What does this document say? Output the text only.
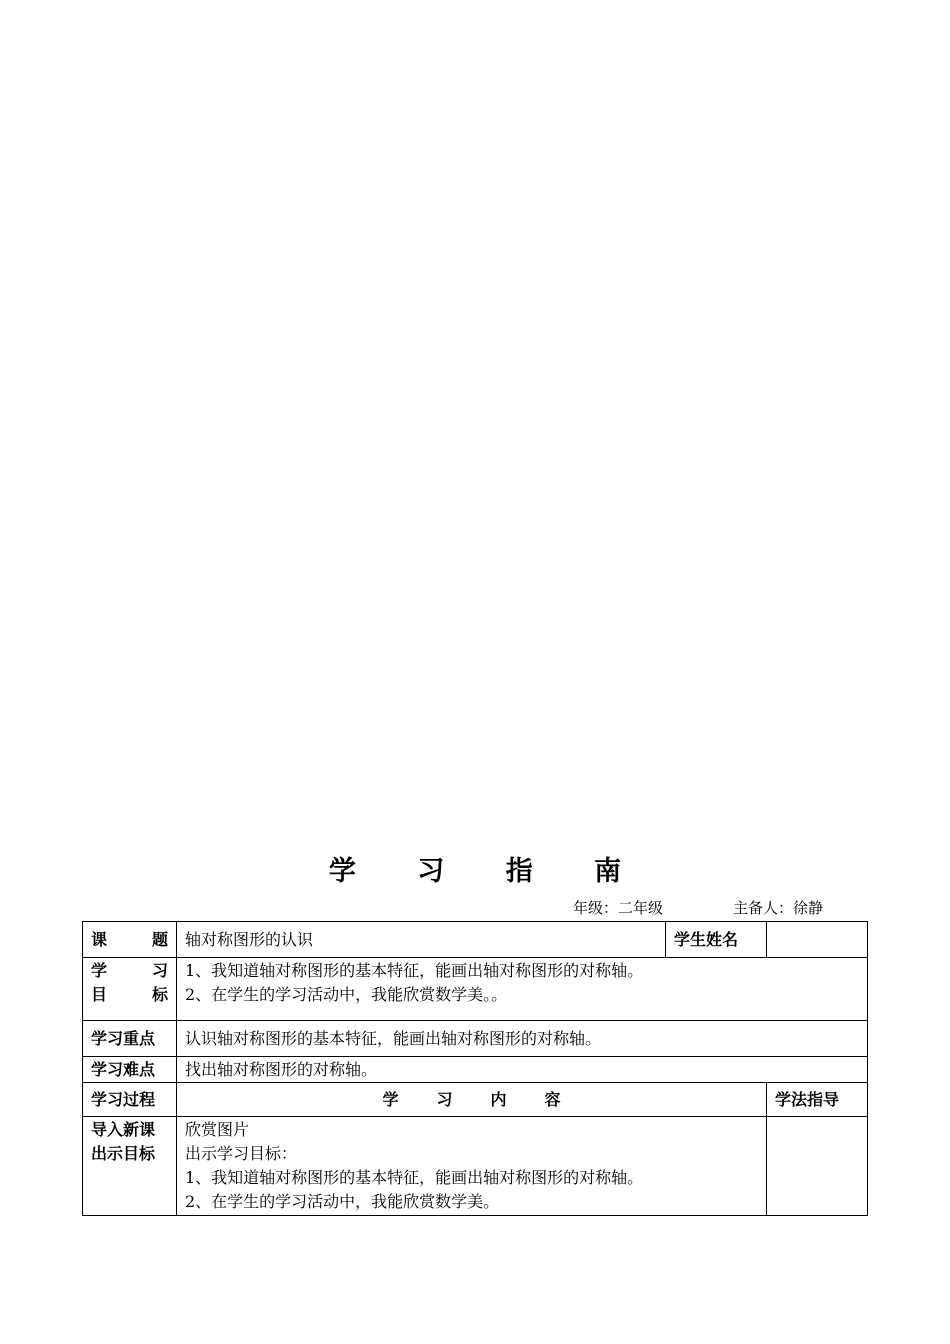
学 习 指 南
年级：二年级	主备人：徐静
课 题	轴对称图形的认识	学生姓名	

学 习
目 标	1、我知道轴对称图形的基本特征，能画出轴对称图形的对称轴。
2、在学生的学习活动中，我能欣赏数学美。。		

学习重点	认识轴对称图形的基本特征，能画出轴对称图形的对称轴。		
学习难点	找出轴对称图形的对称轴。		
学习过程	学习内容		学法指导

导入新课
出示目标	欣赏图片
出示学习目标：
1、我知道轴对称图形的基本特征，能画出轴对称图形的对称轴。
2、在学生的学习活动中，我能欣赏数学美。		
